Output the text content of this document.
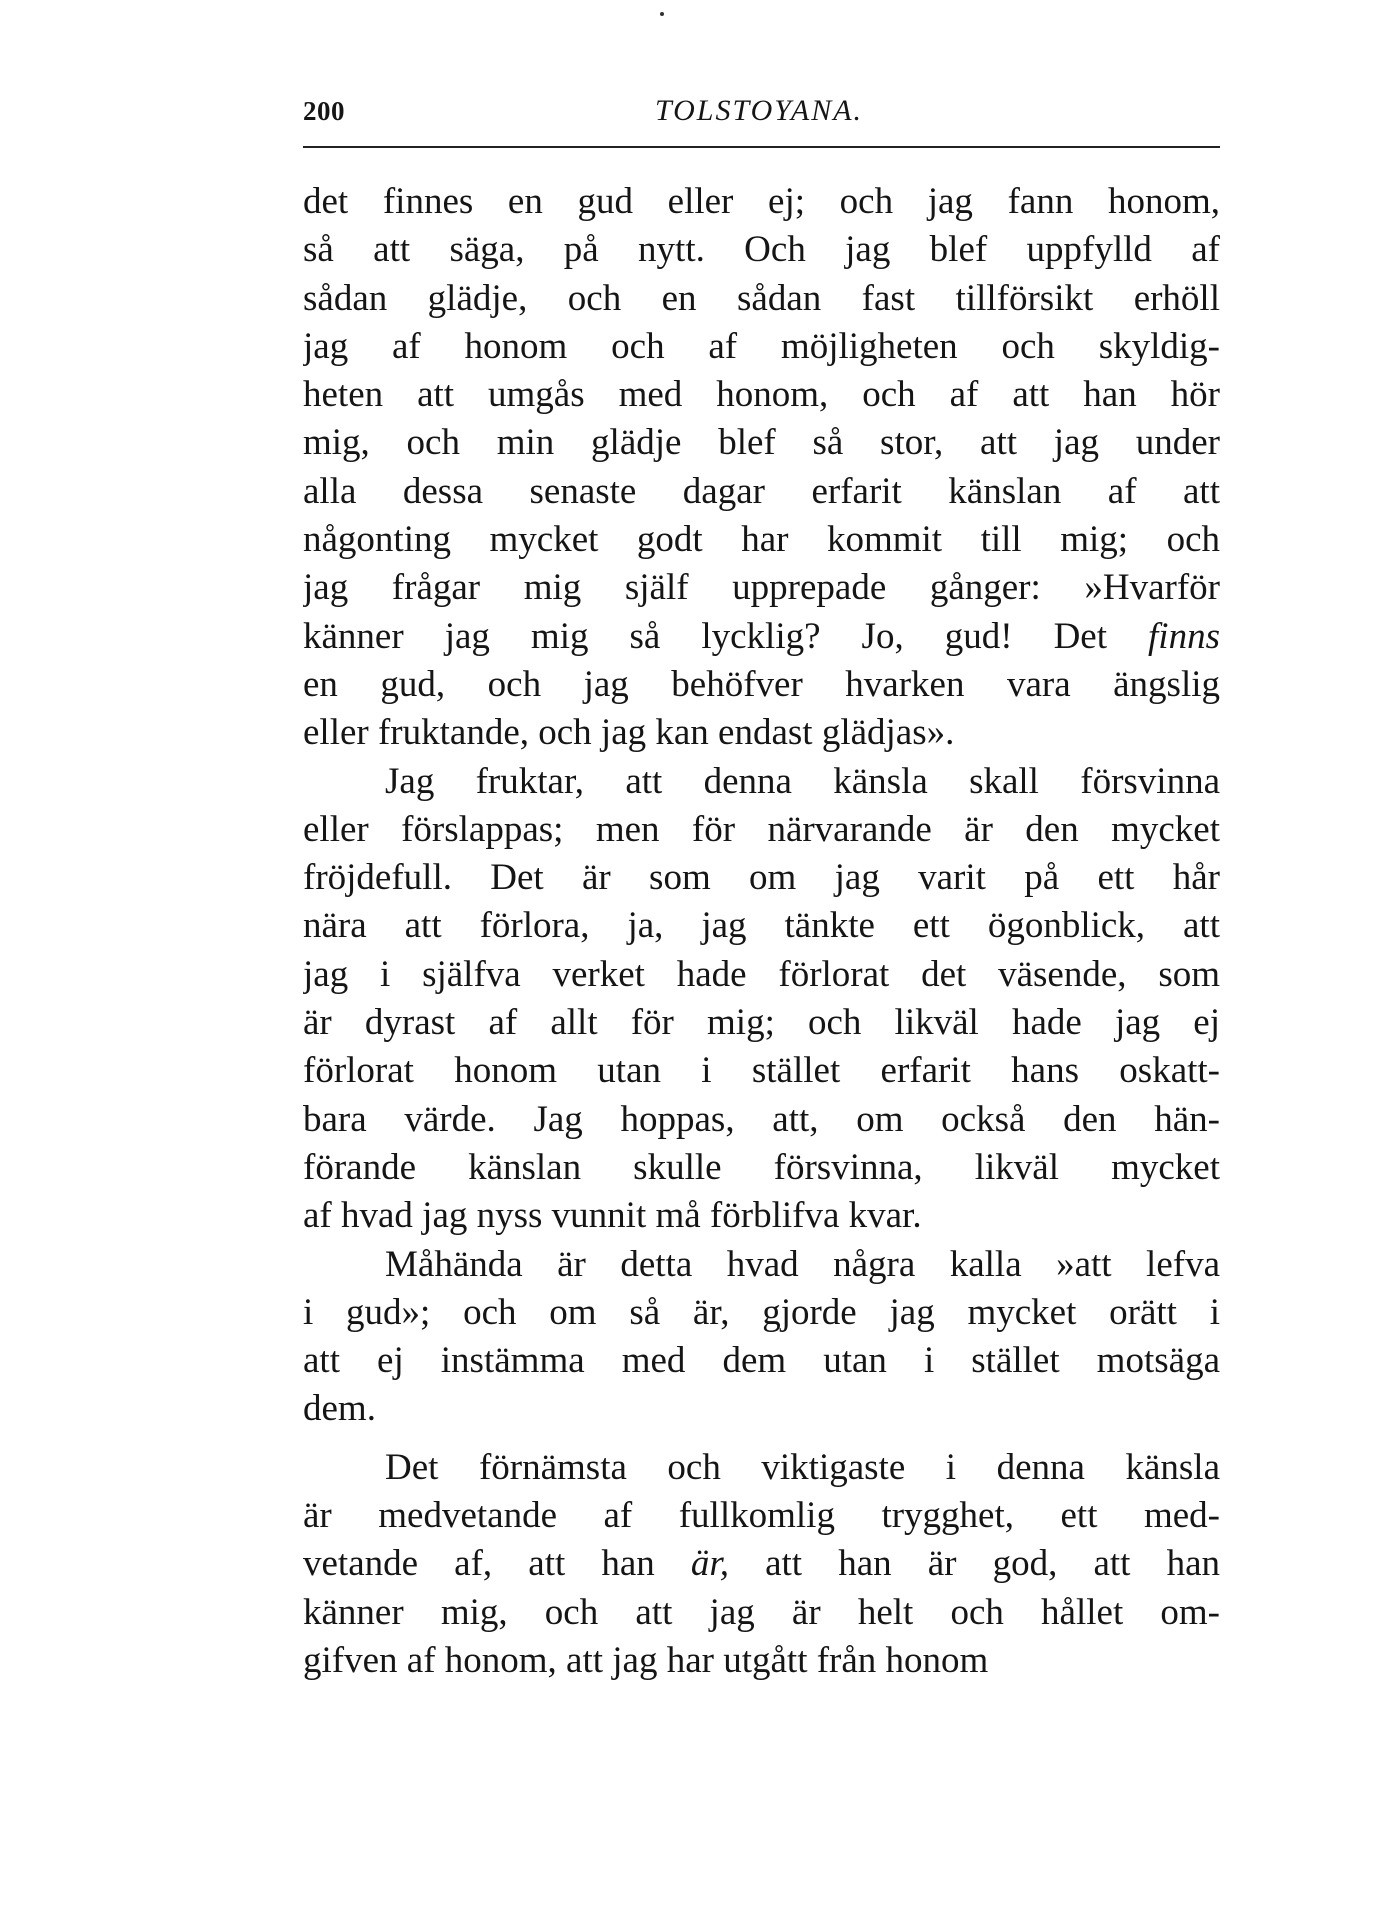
200	TOLSTOYANA.
det finnes en gud eller ej; och jag fann honom,
så att säga, på nytt. Och jag blef uppfylld af
sådan glädje, och en sådan fast tillförsikt erhöll
jag af honom och af möjligheten och skyldig-
heten att umgås med honom, och af att han hör
mig, och min glädje blef så stor, att jag under
alla dessa senaste dagar erfarit känslan af att
någonting mycket godt har kommit till mig; och
jag frågar mig själf upprepade gånger: »Hvarför
känner jag mig så lycklig? Jo, gud! Det finns
en gud, och jag behöfver hvarken vara ängslig
eller fruktande, och jag kan endast glädjas».
Jag fruktar, att denna känsla skall försvinna
eller förslappas; men för närvarande är den mycket
fröjdefull. Det är som om jag varit på ett hår
nära att förlora, ja, jag tänkte ett ögonblick, att
jag i själfva verket hade förlorat det väsende, som
är dyrast af allt för mig; och likväl hade jag ej
förlorat honom utan i stället erfarit hans oskatt-
bara värde. Jag hoppas, att, om också den hän-
förande känslan skulle försvinna, likväl mycket
af hvad jag nyss vunnit må förblifva kvar.
Måhända är detta hvad några kalla »att lefva
i gud»; och om så är, gjorde jag mycket orätt i
att ej instämma med dem utan i stället motsäga
dem.
Det förnämsta och viktigaste i denna känsla
är medvetande af fullkomlig trygghet, ett med-
vetande af, att han är, att han är god, att han
känner mig, och att jag är helt och hållet om-
gifven af honom, att jag har utgått från honom
